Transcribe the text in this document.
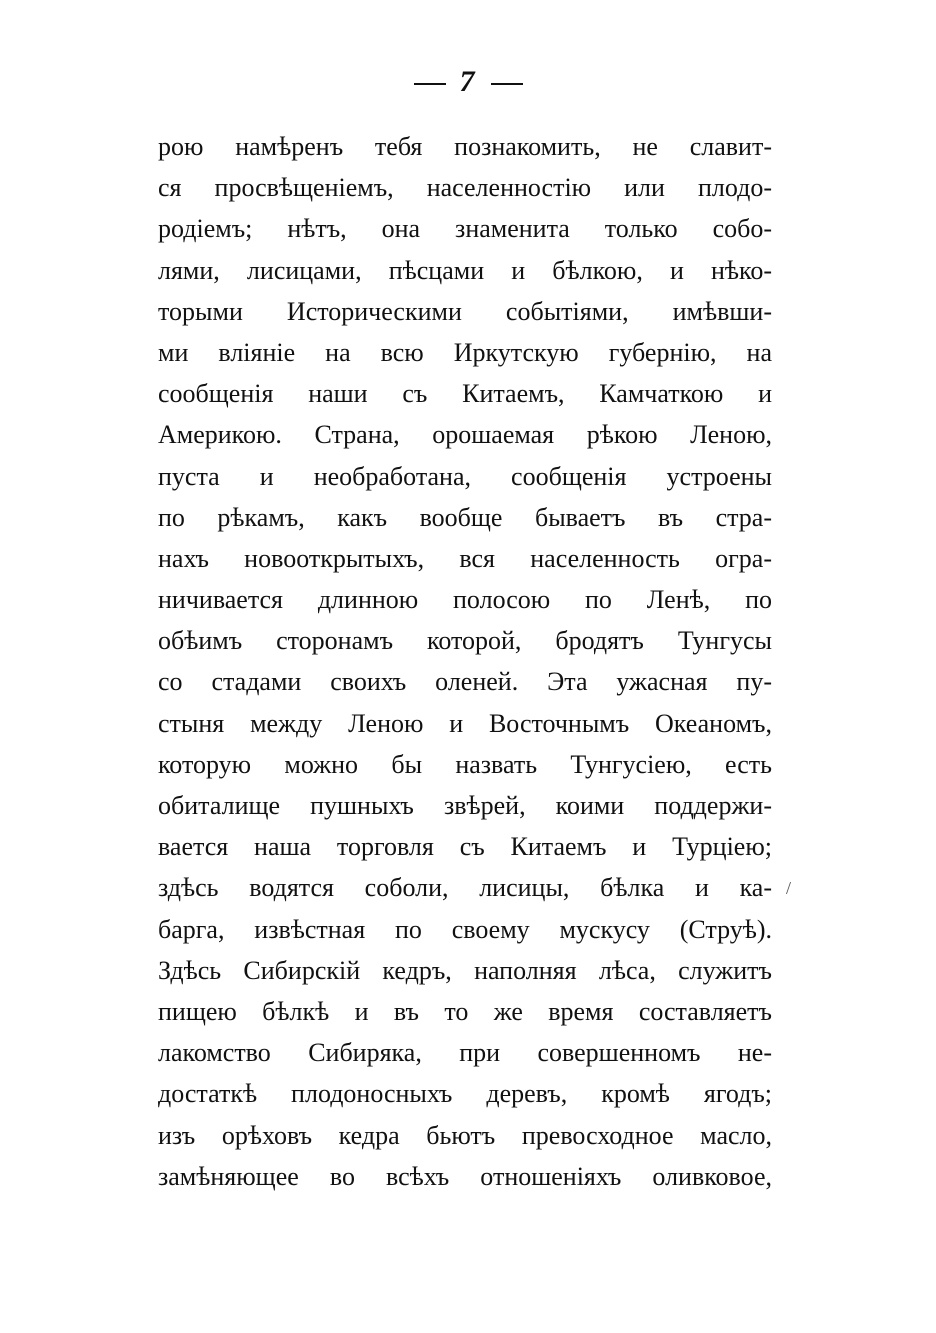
7
рою намѣренъ тебя познакомить, не славит-
ся просвѣщеніемъ, населенностію или плодо-
родіемъ; нѣтъ, она знаменита только собо-
лями, лисицами, пѣсцами и бѣлкою, и нѣко-
торыми Историческими событіями, имѣвши-
ми вліяніе на всю Иркутскую губернію, на
сообщенія наши съ Китаемъ, Камчаткою и
Америкою. Страна, орошаемая рѣкою Леною,
пуста и необработана, сообщенія устроены
по рѣкамъ, какъ вообще бываетъ въ стра-
нахъ новооткрытыхъ, вся населенность огра-
ничивается длинною полосою по Ленѣ, по
обѣимъ сторонамъ которой, бродятъ Тунгусы
со стадами своихъ оленей. Эта ужасная пу-
стыня между Леною и Восточнымъ Океаномъ,
которую можно бы назвать Тунгусіею, есть
обиталище пушныхъ звѣрей, коими поддержи-
вается наша торговля съ Китаемъ и Турціею;
здѣсь водятся соболи, лисицы, бѣлка и ка-
барга, извѣстная по своему мускусу (Струѣ).
Здѣсь Сибирскій кедръ, наполняя лѣса, служитъ
пищею бѣлкѣ и въ то же время составляетъ
лакомство Сибиряка, при совершенномъ не-
достаткѣ плодоносныхъ деревъ, кромѣ ягодъ;
изъ орѣховъ кедра бьютъ превосходное масло,
замѣняющее во всѣхъ отношеніяхъ оливковое,
/
